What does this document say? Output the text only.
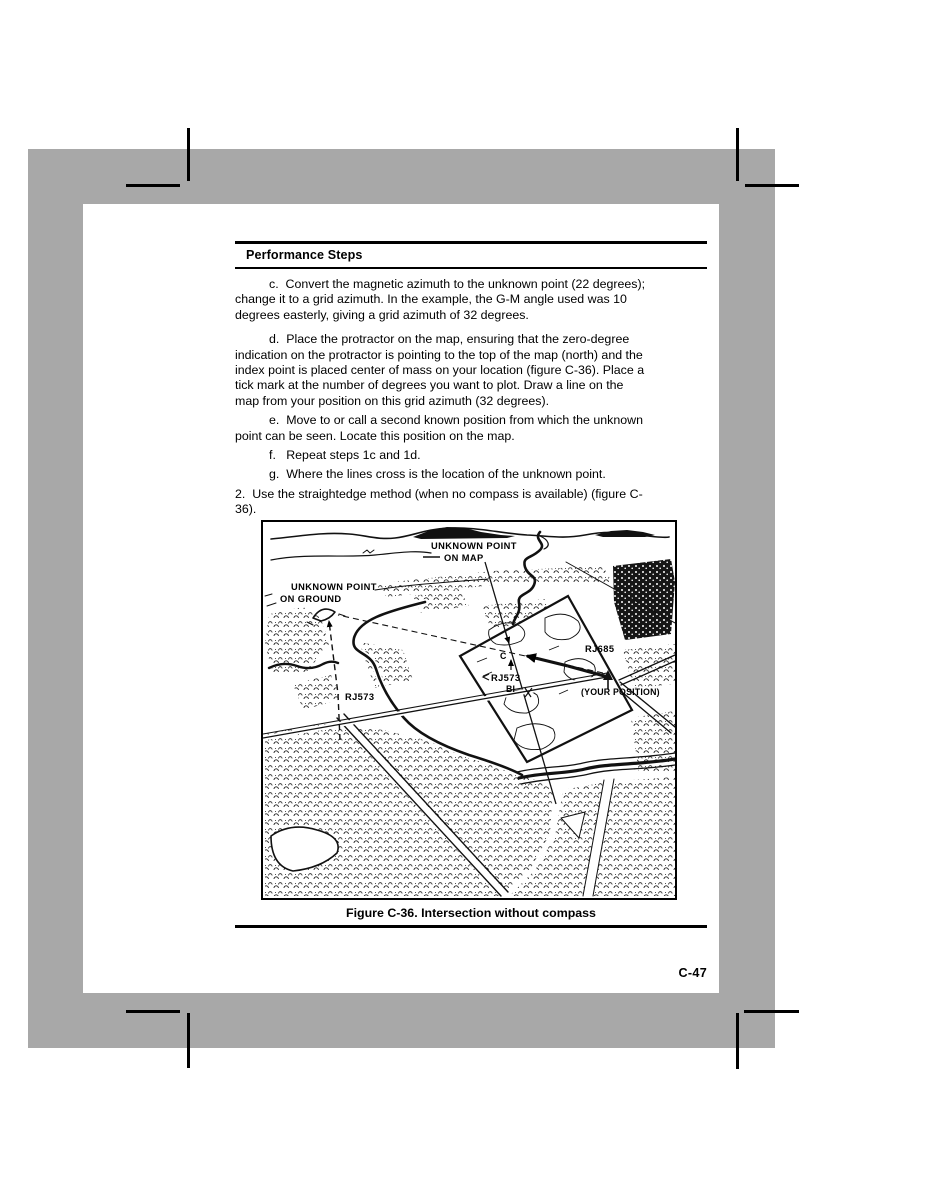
Performance Steps
c.  Convert the magnetic azimuth to the unknown point (22 degrees);
change it to a grid azimuth. In the example, the G-M angle used was 10
degrees easterly, giving a grid azimuth of 32 degrees.
d.  Place the protractor on the map, ensuring that the zero-degree
indication on the protractor is pointing to the top of the map (north) and the
index point is placed center of mass on your location (figure C-36). Place a
tick mark at the number of degrees you want to plot. Draw a line on the
map from your position on this grid azimuth (32 degrees).
e.  Move to or call a second known position from which the unknown
point can be seen. Locate this position on the map.
f.   Repeat steps 1c and 1d.
g.  Where the lines cross is the location of the unknown point.
2.  Use the straightedge method (when no compass is available) (figure C-
36).
UNKNOWN POINT
ON MAP
UNKNOWN POINT
ON GROUND
RJ573
RJ573
BI
C
RJ685
(YOUR POSITION)
Figure C-36. Intersection without compass
C-47
